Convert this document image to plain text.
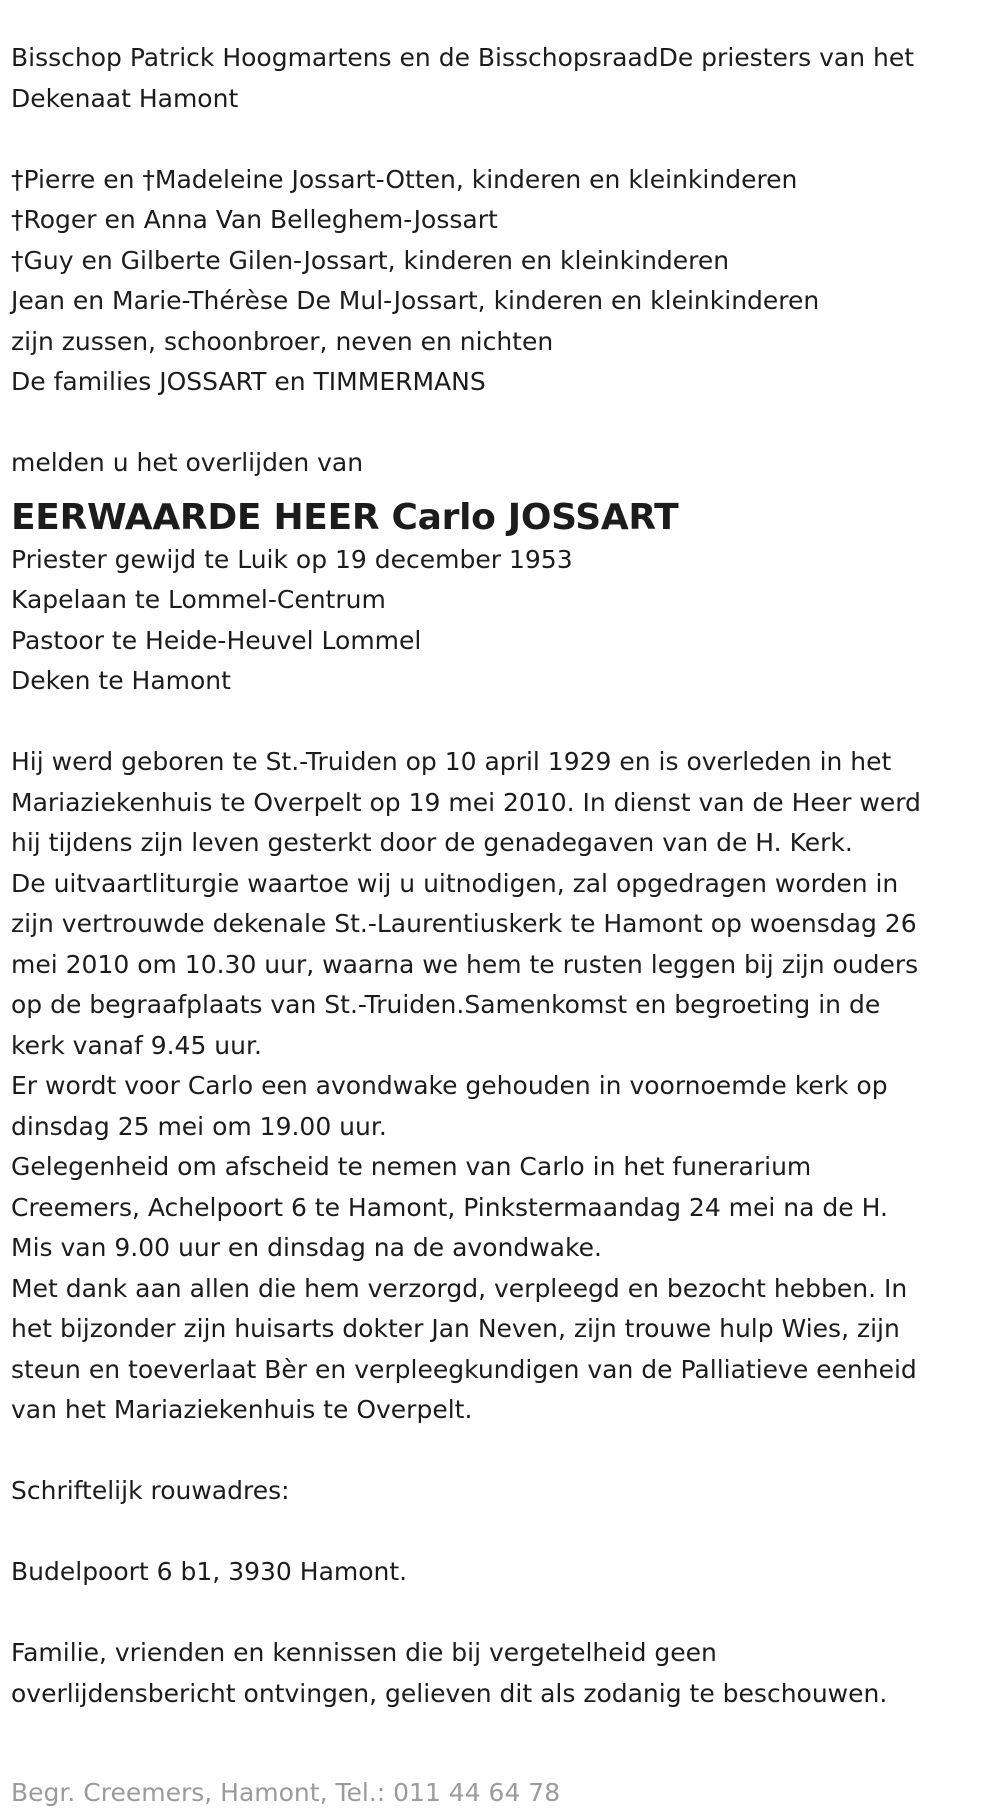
Bisschop Patrick Hoogmartens en de BisschopsraadDe priesters van het
Dekenaat Hamont
†Pierre en †Madeleine Jossart-Otten, kinderen en kleinkinderen
†Roger en Anna Van Belleghem-Jossart
†Guy en Gilberte Gilen-Jossart, kinderen en kleinkinderen
Jean en Marie-Thérèse De Mul-Jossart, kinderen en kleinkinderen
zijn zussen, schoonbroer, neven en nichten
De families JOSSART en TIMMERMANS
melden u het overlijden van
EERWAARDE HEER Carlo JOSSART
Priester gewijd te Luik op 19 december 1953
Kapelaan te Lommel-Centrum
Pastoor te Heide-Heuvel Lommel
Deken te Hamont
Hij werd geboren te St.-Truiden op 10 april 1929 en is overleden in het
Mariaziekenhuis te Overpelt op 19 mei 2010. In dienst van de Heer werd
hij tijdens zijn leven gesterkt door de genadegaven van de H. Kerk.
De uitvaartliturgie waartoe wij u uitnodigen, zal opgedragen worden in
zijn vertrouwde dekenale St.-Laurentiuskerk te Hamont op woensdag 26
mei 2010 om 10.30 uur, waarna we hem te rusten leggen bij zijn ouders
op de begraafplaats van St.-Truiden.Samenkomst en begroeting in de
kerk vanaf 9.45 uur.
Er wordt voor Carlo een avondwake gehouden in voornoemde kerk op
dinsdag 25 mei om 19.00 uur.
Gelegenheid om afscheid te nemen van Carlo in het funerarium
Creemers, Achelpoort 6 te Hamont, Pinkstermaandag 24 mei na de H.
Mis van 9.00 uur en dinsdag na de avondwake.
Met dank aan allen die hem verzorgd, verpleegd en bezocht hebben. In
het bijzonder zijn huisarts dokter Jan Neven, zijn trouwe hulp Wies, zijn
steun en toeverlaat Bèr en verpleegkundigen van de Palliatieve eenheid
van het Mariaziekenhuis te Overpelt.
Schriftelijk rouwadres:
Budelpoort 6 b1, 3930 Hamont.
Familie, vrienden en kennissen die bij vergetelheid geen
overlijdensbericht ontvingen, gelieven dit als zodanig te beschouwen.
Begr. Creemers, Hamont, Tel.: 011 44 64 78
